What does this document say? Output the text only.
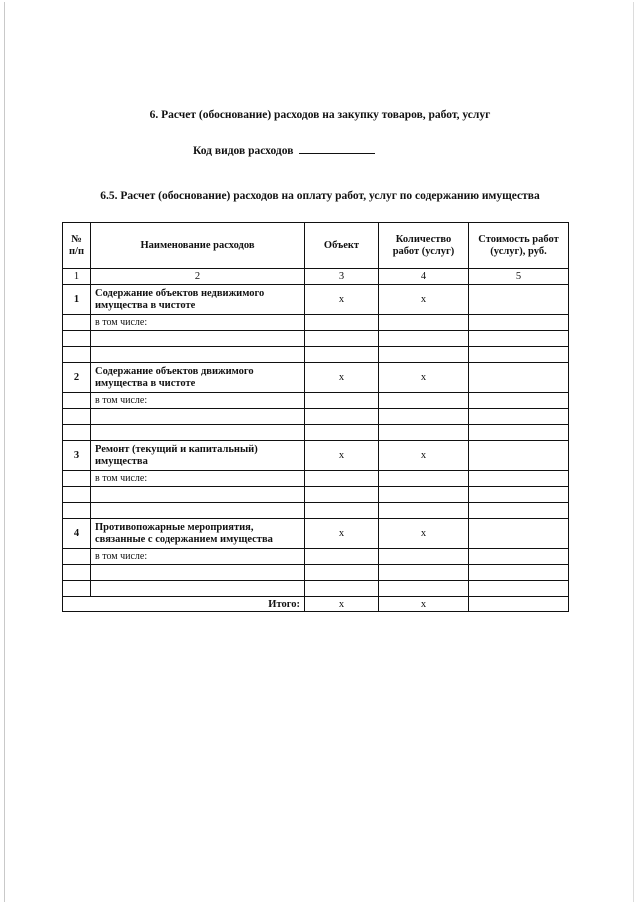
6. Расчет (обоснование) расходов на закупку товаров, работ, услуг
Код видов расходов
6.5. Расчет (обоснование) расходов на оплату работ, услуг по содержанию имущества
№ п/п	Наименование расходов	Объект	Количество работ (услуг)	Стоимость работ (услуг), руб.
1	2	3	4	5
1	Содержание объектов недвижимого имущества в чистоте	x	x	
	в том числе:			

2	Содержание объектов движимого имущества в чистоте	x	x	
	в том числе:			

3	Ремонт (текущий и капитальный) имущества	x	x	
	в том числе:			

4	Противопожарные мероприятия, связанные с содержанием имущества	x	x	
	в том числе:			

Итого:		x	x	
